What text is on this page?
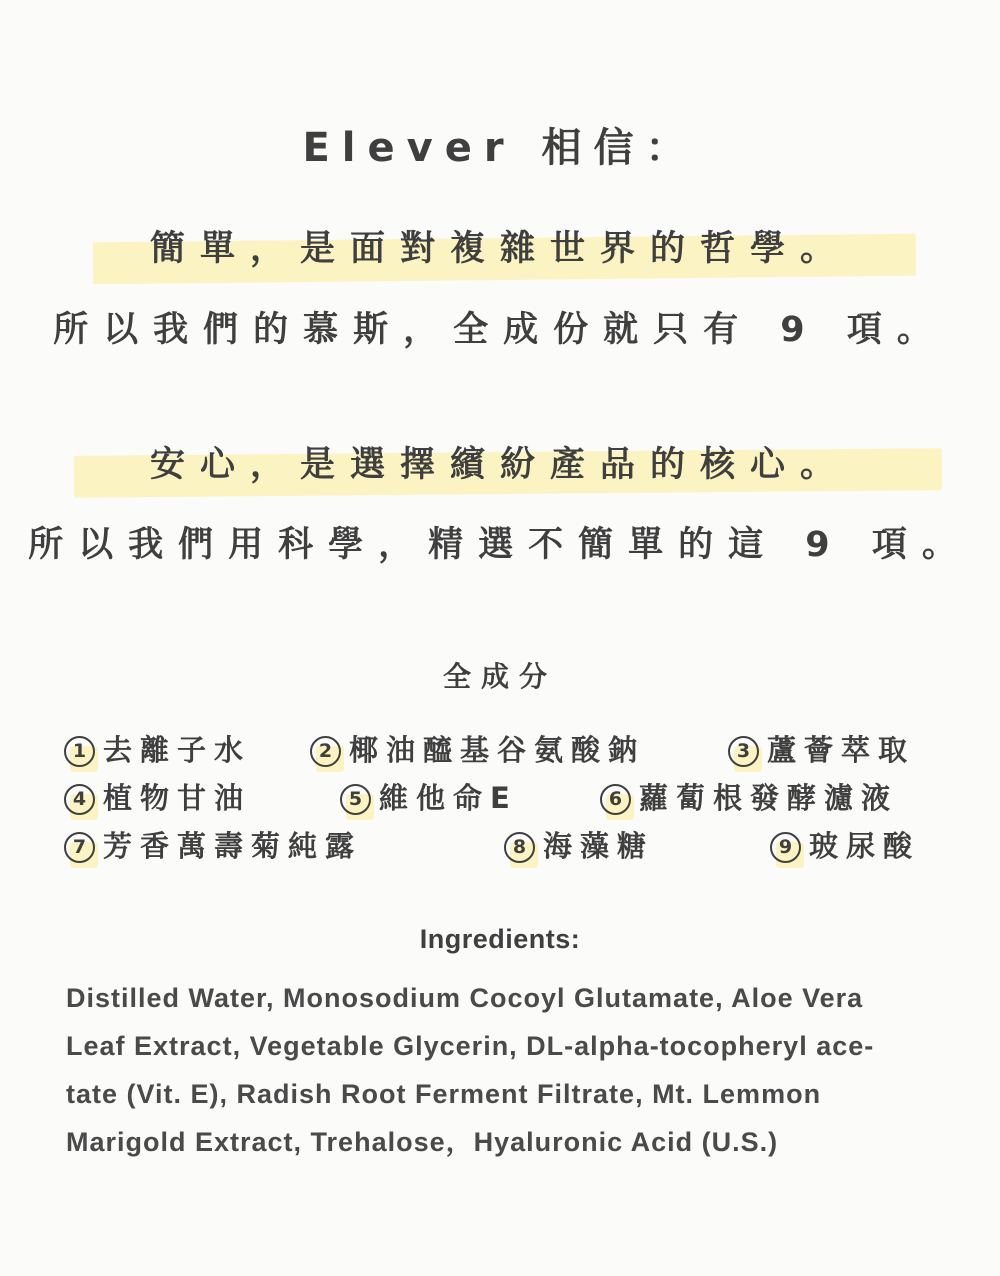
Elever 相信：
簡單，是面對複雜世界的哲學。
所以我們的慕斯，全成份就只有 9 項。
安心，是選擇繽紛產品的核心。
所以我們用科學，精選不簡單的這 9 項。
全成分
1 去離子水	2 椰油醯基谷氨酸鈉	3 蘆薈萃取
4 植物甘油	5 維他命E	6 蘿蔔根發酵濾液
7 芳香萬壽菊純露	8 海藻糖	9 玻尿酸
Ingredients:
Distilled Water, Monosodium Cocoyl Glutamate, Aloe Vera
Leaf Extract, Vegetable Glycerin, DL-alpha-tocopheryl ace-
tate (Vit. E), Radish Root Ferment Filtrate, Mt. Lemmon
Marigold Extract, Trehalose，Hyaluronic Acid (U.S.)
